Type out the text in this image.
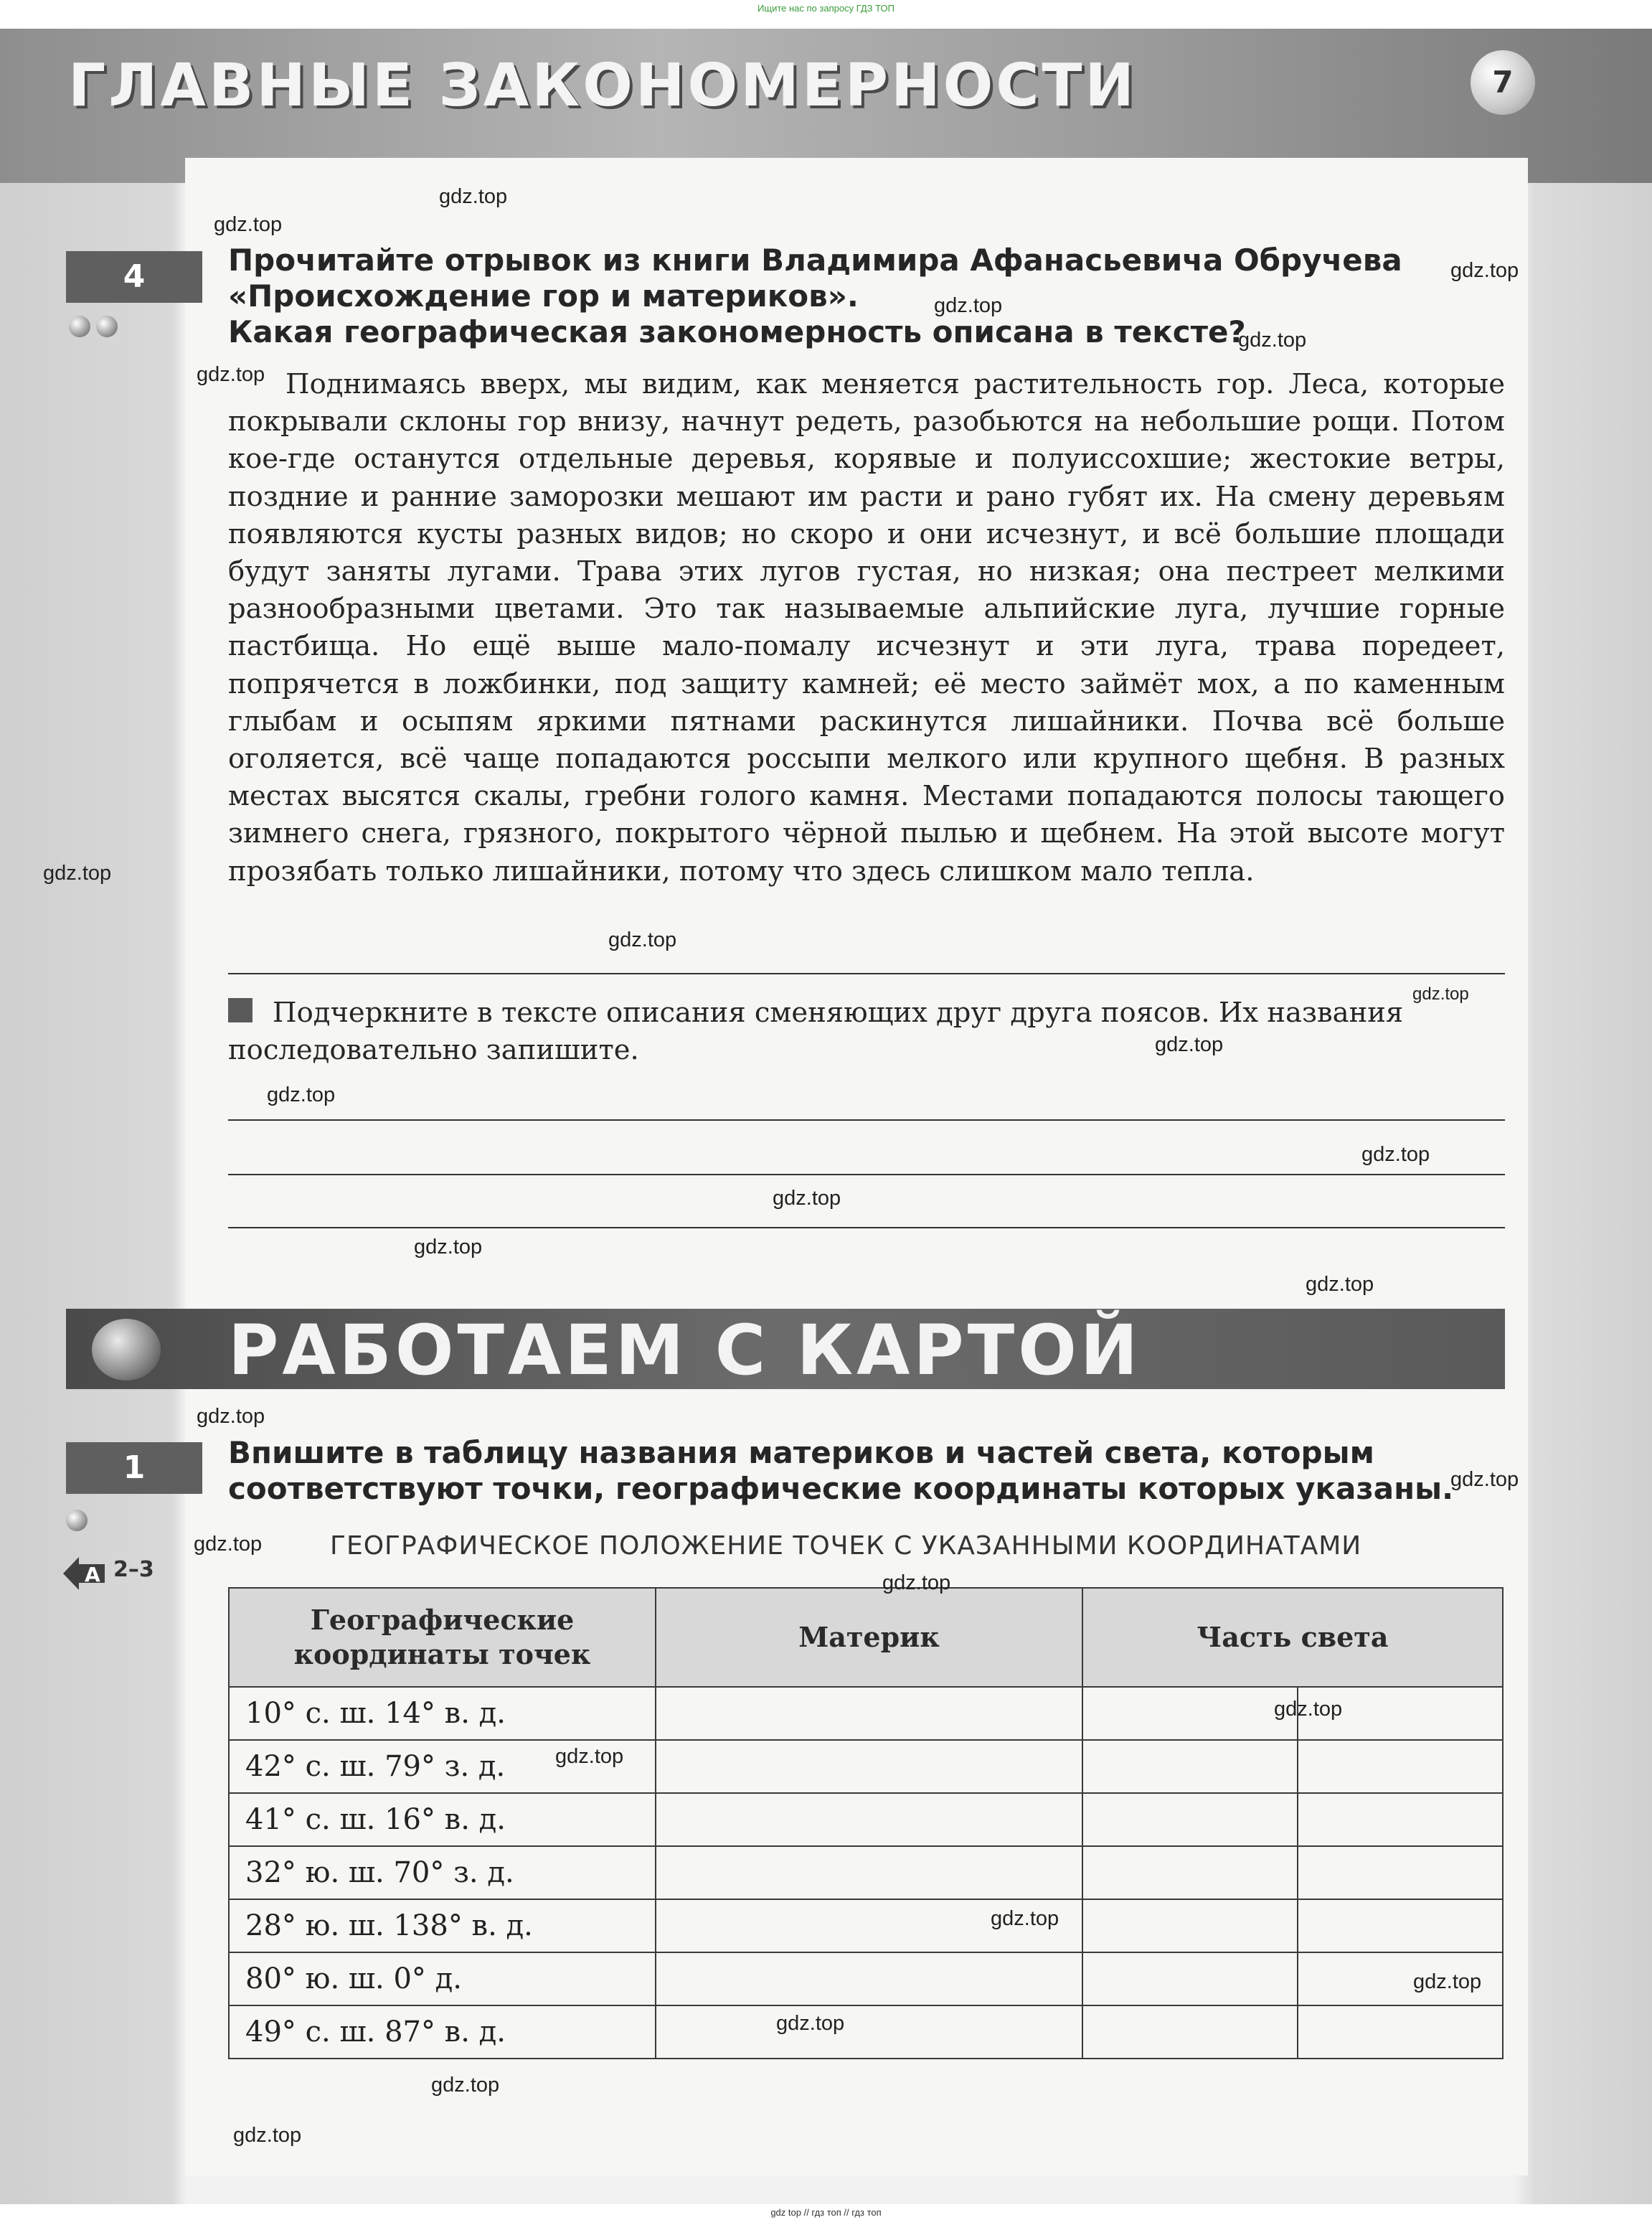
Ищите нас по запросу ГДЗ ТОП
ГЛАВНЫЕ ЗАКОНОМЕРНОСТИ	7
4	Прочитайте отрывок из книги Владимира Афанасьевича Обручева
«Происхождение гор и материков».
Какая географическая закономерность описана в тексте?
Поднимаясь вверх, мы видим, как меняется растительность гор. Леса, которые покрывали склоны гор внизу, начнут редеть, разобьются на небольшие рощи. Потом кое-где останутся отдельные деревья, корявые и полуиссохшие; жестокие ветры, поздние и ранние заморозки мешают им расти и рано губят их. На смену деревьям появляются кусты разных видов; но скоро и они исчезнут, и всё большие площади будут заняты лугами. Трава этих лугов густая, но низкая; она пестреет мелкими разнообразными цветами. Это так называемые альпийские луга, лучшие горные пастбища. Но ещё выше мало-помалу исчезнут и эти луга, трава поредеет, попрячется в ложбинки, под защиту камней; её место займёт мох, а по каменным глыбам и осыпям яркими пятнами раскинутся лишайники. Почва всё больше оголяется, всё чаще попадаются россыпи мелкого или крупного щебня. В разных местах высятся скалы, гребни голого камня. Местами попадаются полосы тающего зимнего снега, грязного, покрытого чёрной пылью и щебнем. На этой высоте могут прозябать только лишайники, потому что здесь слишком мало тепла.
Подчеркните в тексте описания сменяющих друг друга поясов. Их названия последовательно запишите.
РАБОТАЕМ С КАРТОЙ
1	Впишите в таблицу названия материков и частей света, которым
соответствуют точки, географические координаты которых указаны.
А 2–3
ГЕОГРАФИЧЕСКОЕ ПОЛОЖЕНИЕ ТОЧЕК С УКАЗАННЫМИ КООРДИНАТАМИ
Географические координаты точек	Материк	Часть света	
10° с. ш. 14° в. д.			
42° с. ш. 79° з. д.			
41° с. ш. 16° в. д.			
32° ю. ш. 70° з. д.			
28° ю. ш. 138° в. д.			
80° ю. ш. 0° д.			
49° с. ш. 87° в. д.			
gdz.top
gdz.top
gdz.top
gdz.top
gdz.top
gdz.top
gdz.top
gdz.top
gdz.top
gdz.top
gdz.top
gdz.top
gdz.top
gdz.top
gdz.top
gdz.top
gdz.top
gdz.top
gdz.top
gdz.top
gdz.top
gdz.top
gdz.top
gdz.top
gdz.top
gdz.top
gdz top // гдз топ // гдз топ
